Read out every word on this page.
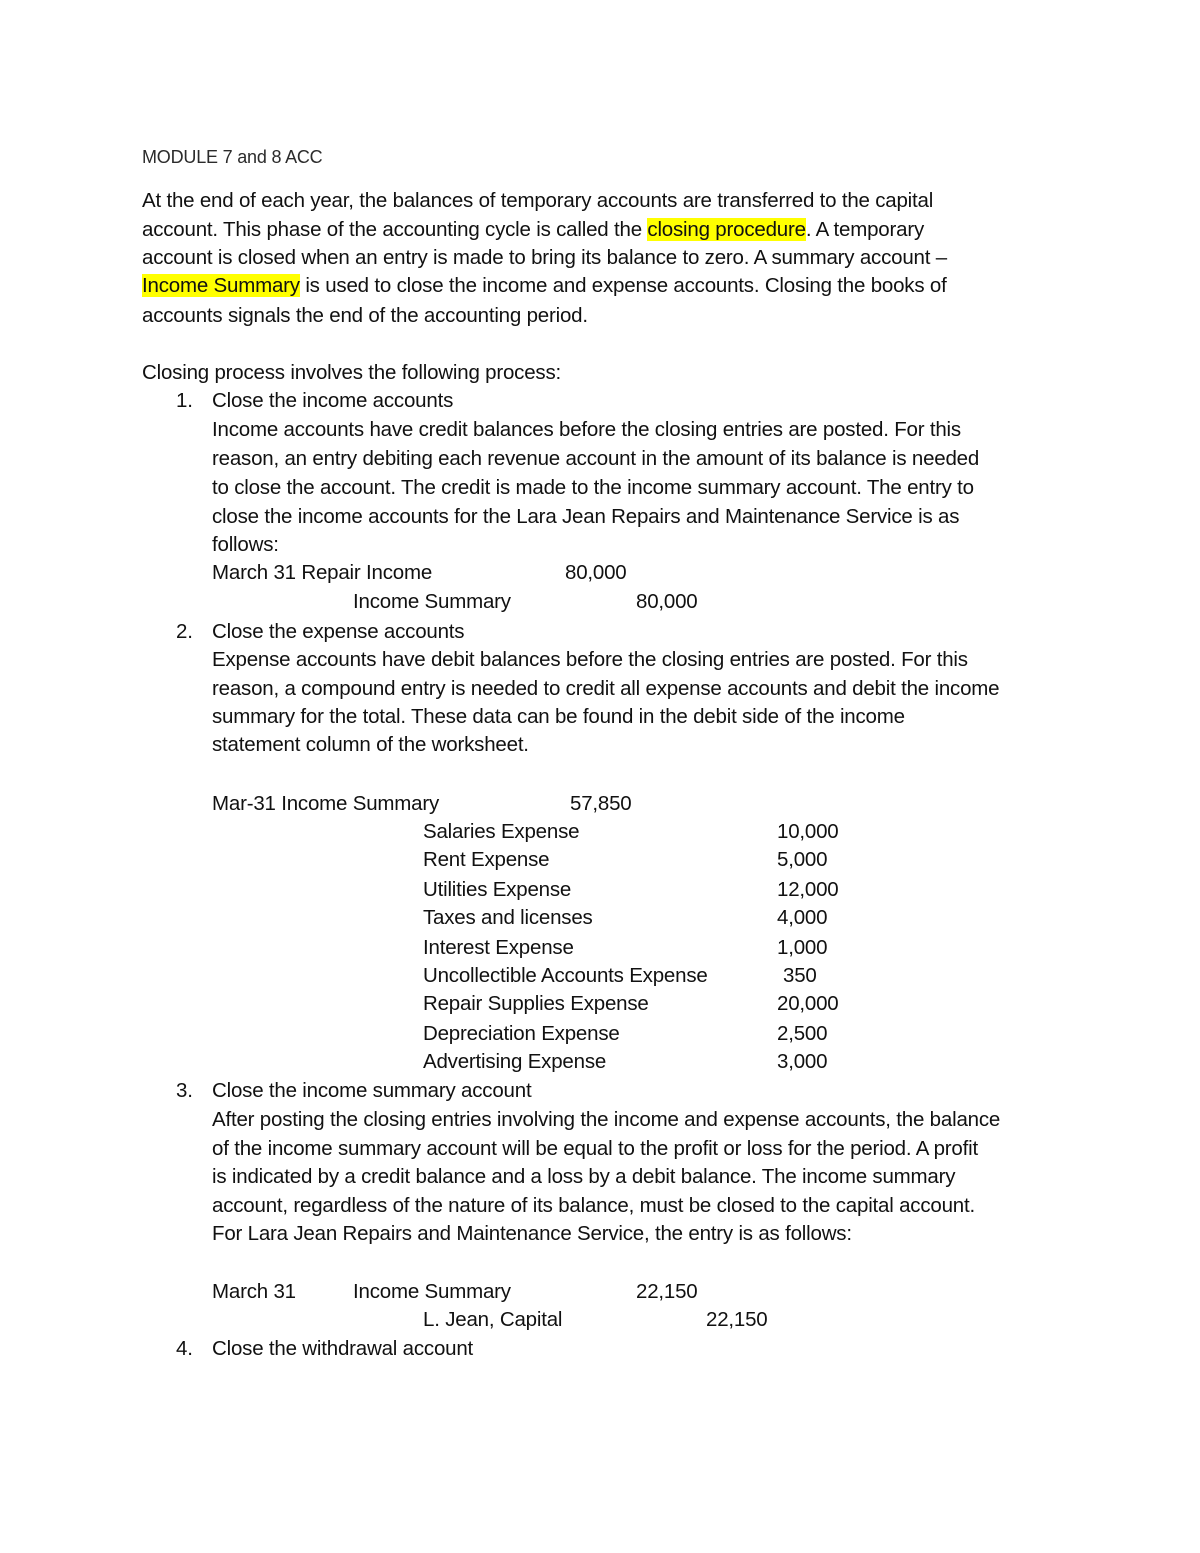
MODULE 7 and 8 ACC
At the end of each year, the balances of temporary accounts are transferred to the capital
account. This phase of the accounting cycle is called the closing procedure. A temporary
account is closed when an entry is made to bring its balance to zero. A summary account –
Income Summary is used to close the income and expense accounts. Closing the books of
accounts signals the end of the accounting period.
Closing process involves the following process:
1. Close the income accounts
Income accounts have credit balances before the closing entries are posted. For this
reason, an entry debiting each revenue account in the amount of its balance is needed
to close the account. The credit is made to the income summary account. The entry to
close the income accounts for the Lara Jean Repairs and Maintenance Service is as
follows:
March 31 Repair Income	80,000
Income Summary	80,000
2. Close the expense accounts
Expense accounts have debit balances before the closing entries are posted. For this
reason, a compound entry is needed to credit all expense accounts and debit the income
summary for the total. These data can be found in the debit side of the income
statement column of the worksheet.
Mar-31 Income Summary	57,850
Salaries Expense	10,000
Rent Expense	5,000
Utilities Expense	12,000
Taxes and licenses	4,000
Interest Expense	1,000
Uncollectible Accounts Expense	350
Repair Supplies Expense	20,000
Depreciation Expense	2,500
Advertising Expense	3,000
3. Close the income summary account
After posting the closing entries involving the income and expense accounts, the balance
of the income summary account will be equal to the profit or loss for the period. A profit
is indicated by a credit balance and a loss by a debit balance. The income summary
account, regardless of the nature of its balance, must be closed to the capital account.
For Lara Jean Repairs and Maintenance Service, the entry is as follows:
March 31	Income Summary	22,150
L. Jean, Capital	22,150
4. Close the withdrawal account
